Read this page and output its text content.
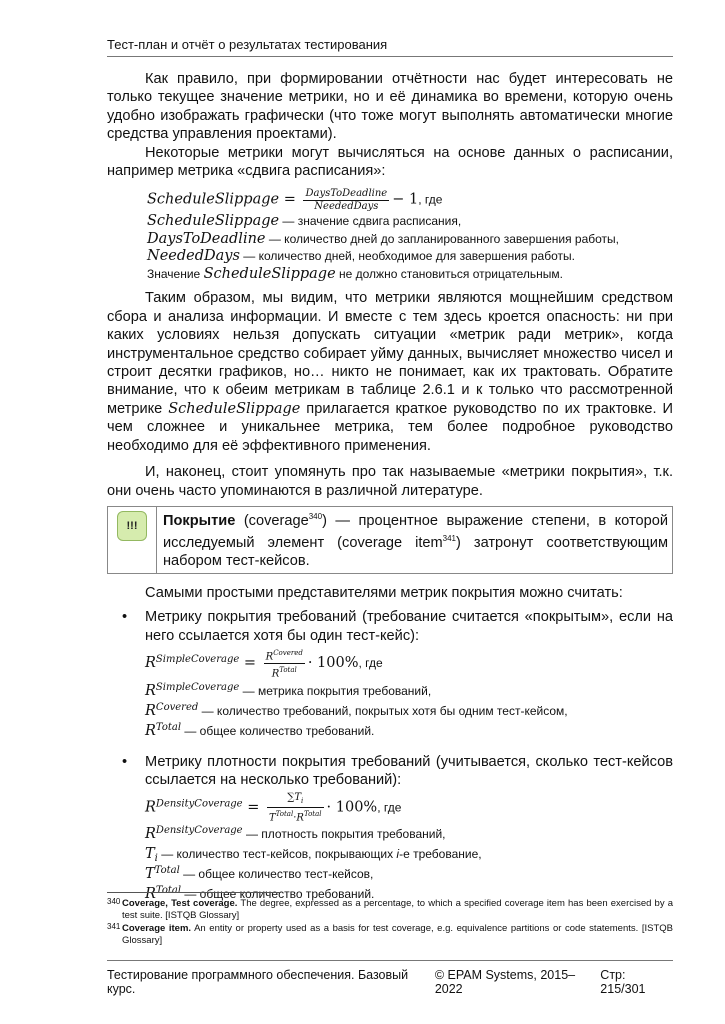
Тест-план и отчёт о результатах тестирования

Как правило, при формировании отчётности нас будет интересовать не только текущее значение метрики, но и её динамика во времени, которую очень удобно изображать графически (что тоже могут выполнять автоматически многие средства управления проектами).

Некоторые метрики могут вычисляться на основе данных о расписании, например метрика «сдвига расписания»:

ScheduleSlippage = $\frac{\text{DaysToDeadline}}{\text{NeededDays}} - 1$, где
ScheduleSlippage — значение сдвига расписания,
DaysToDeadline — количество дней до запланированного завершения работы,
NeededDays — количество дней, необходимое для завершения работы.
Значение ScheduleSlippage не должно становиться отрицательным.

Таким образом, мы видим, что метрики являются мощнейшим средством сбора и анализа информации. И вместе с тем здесь кроется опасность: ни при каких условиях нельзя допускать ситуации «метрик ради метрик», когда инструментальное средство собирает уйму данных, вычисляет множество чисел и строит десятки графиков, но… никто не понимает, как их трактовать. Обратите внимание, что к обеим метрикам в таблице 2.6.1 и к только что рассмотренной метрике ScheduleSlippage прилагается краткое руководство по их трактовке. И чем сложнее и уникальнее метрика, тем более подробное руководство необходимо для её эффективного применения.

И, наконец, стоит упомянуть про так называемые «метрики покрытия», т.к. они очень часто упоминаются в различной литературе.

!!!	Покрытие (coverage$^{340}$) — процентное выражение степени, в которой исследуемый элемент (coverage item$^{341}$) затронут соответствующим набором тест-кейсов.

Самыми простыми представителями метрик покрытия можно считать:

• Метрику покрытия требований (требование считается «покрытым», если на него ссылается хотя бы один тест-кейс):
$R^{SimpleCoverage} = \frac{R^{Covered}}{R^{Total}} \cdot 100\%$, где
$R^{SimpleCoverage}$ — метрика покрытия требований,
$R^{Covered}$ — количество требований, покрытых хотя бы одним тест-кейсом,
$R^{Total}$ — общее количество требований.
• Метрику плотности покрытия требований (учитывается, сколько тест-кейсов ссылается на несколько требований):
$R^{DensityCoverage} = \frac{\sum T_i}{T^{Total}\cdot R^{Total}} \cdot 100\%$, где
$R^{DensityCoverage}$ — плотность покрытия требований,
$T_i$ — количество тест-кейсов, покрывающих i-е требование,
$T^{Total}$ — общее количество тест-кейсов,
$R^{Total}$ — общее количество требований.
340 Coverage, Test coverage. The degree, expressed as a percentage, to which a specified coverage item has been exercised by a test suite. [ISTQB Glossary]
341 Coverage item. An entity or property used as a basis for test coverage, e.g. equivalence partitions or code statements. [ISTQB Glossary]
Тестирование программного обеспечения. Базовый курс.
© EPAM Systems, 2015–2022
Стр: 215/301
